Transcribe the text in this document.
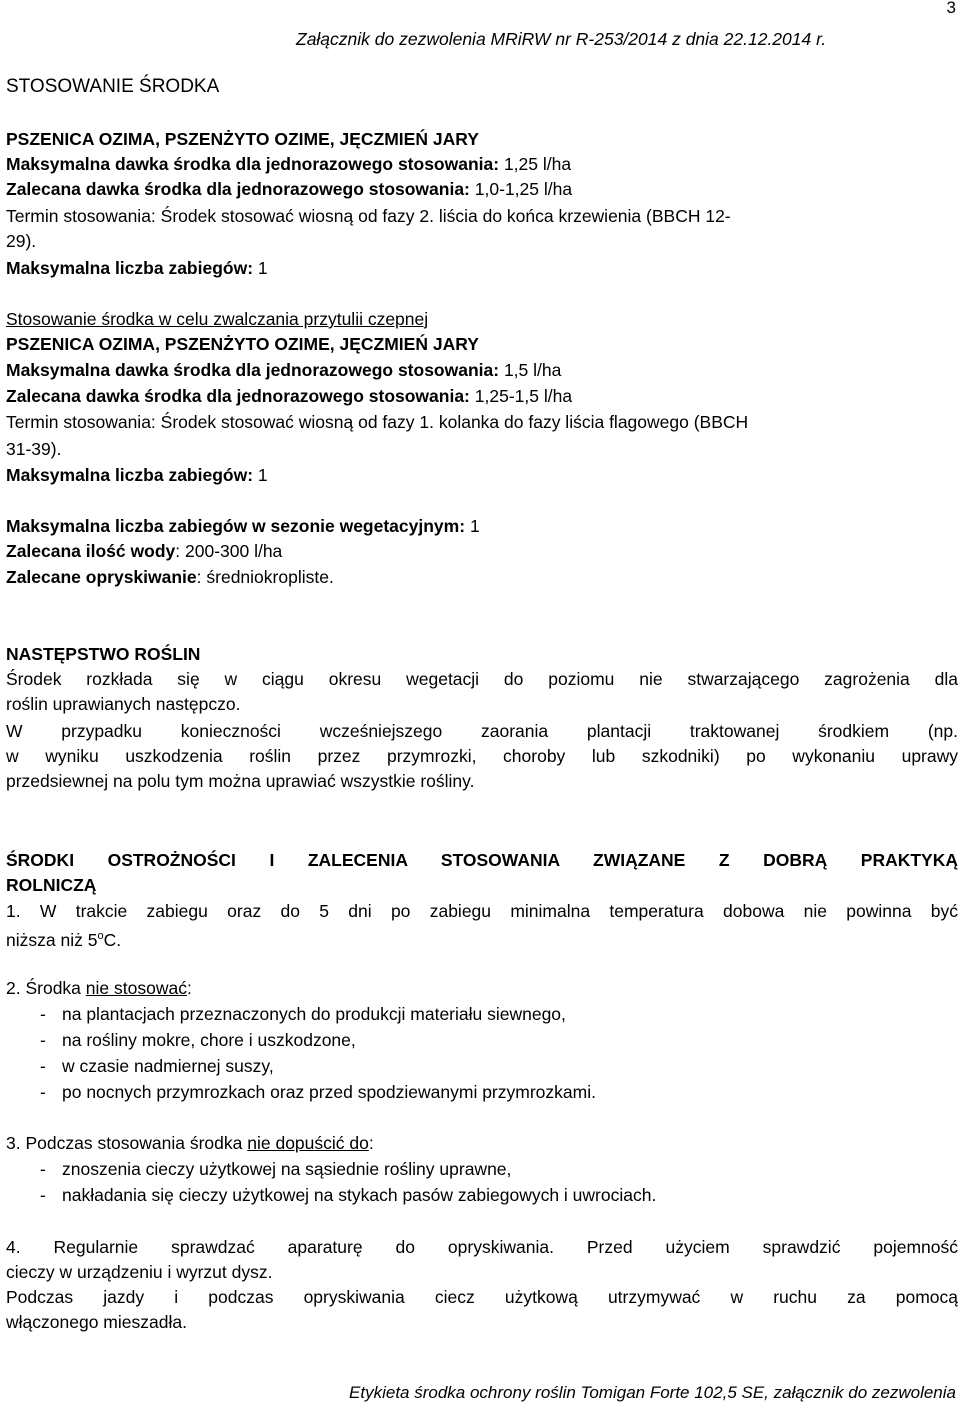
3
Załącznik do zezwolenia MRiRW nr R-253/2014 z dnia 22.12.2014 r.
STOSOWANIE ŚRODKA
PSZENICA OZIMA, PSZENŻYTO OZIME, JĘCZMIEŃ JARY
Maksymalna dawka środka dla jednorazowego stosowania: 1,25 l/ha
Zalecana dawka środka dla jednorazowego stosowania: 1,0-1,25 l/ha
Termin stosowania: Środek stosować wiosną od fazy 2. liścia do końca krzewienia (BBCH 12-
29).
Maksymalna liczba zabiegów: 1
Stosowanie środka w celu zwalczania przytulii czepnej
PSZENICA OZIMA, PSZENŻYTO OZIME, JĘCZMIEŃ JARY
Maksymalna dawka środka dla jednorazowego stosowania: 1,5 l/ha
Zalecana dawka środka dla jednorazowego stosowania: 1,25-1,5 l/ha
Termin stosowania: Środek stosować wiosną od fazy 1. kolanka do fazy liścia flagowego (BBCH
31-39).
Maksymalna liczba zabiegów: 1
Maksymalna liczba zabiegów w sezonie wegetacyjnym: 1
Zalecana ilość wody: 200-300 l/ha
Zalecane opryskiwanie: średniokropliste.
NASTĘPSTWO ROŚLIN
Środek rozkłada się w ciągu okresu wegetacji do poziomu nie stwarzającego zagrożenia dla
roślin uprawianych następczo.
W przypadku konieczności wcześniejszego zaorania plantacji traktowanej środkiem (np.
w wyniku uszkodzenia roślin przez przymrozki, choroby lub szkodniki) po wykonaniu uprawy
przedsiewnej na polu tym można uprawiać wszystkie rośliny.
ŚRODKI OSTROŻNOŚCI I ZALECENIA STOSOWANIA ZWIĄZANE Z DOBRĄ PRAKTYKĄ
ROLNICZĄ
1. W trakcie zabiegu oraz do 5 dni po zabiegu minimalna temperatura dobowa nie powinna być
niższa niż 5$^o$C.
2. Środka nie stosować:
- na plantacjach przeznaczonych do produkcji materiału siewnego,
- na rośliny mokre, chore i uszkodzone,
- w czasie nadmiernej suszy,
- po nocnych przymrozkach oraz przed spodziewanymi przymrozkami.
3. Podczas stosowania środka nie dopuścić do:
- znoszenia cieczy użytkowej na sąsiednie rośliny uprawne,
- nakładania się cieczy użytkowej na stykach pasów zabiegowych i uwrociach.
4. Regularnie sprawdzać aparaturę do opryskiwania. Przed użyciem sprawdzić pojemność
cieczy w urządzeniu i wyrzut dysz.
Podczas jazdy i podczas opryskiwania ciecz użytkową utrzymywać w ruchu za pomocą
włączonego mieszadła.
Etykieta środka ochrony roślin Tomigan Forte 102,5 SE, załącznik do zezwolenia
